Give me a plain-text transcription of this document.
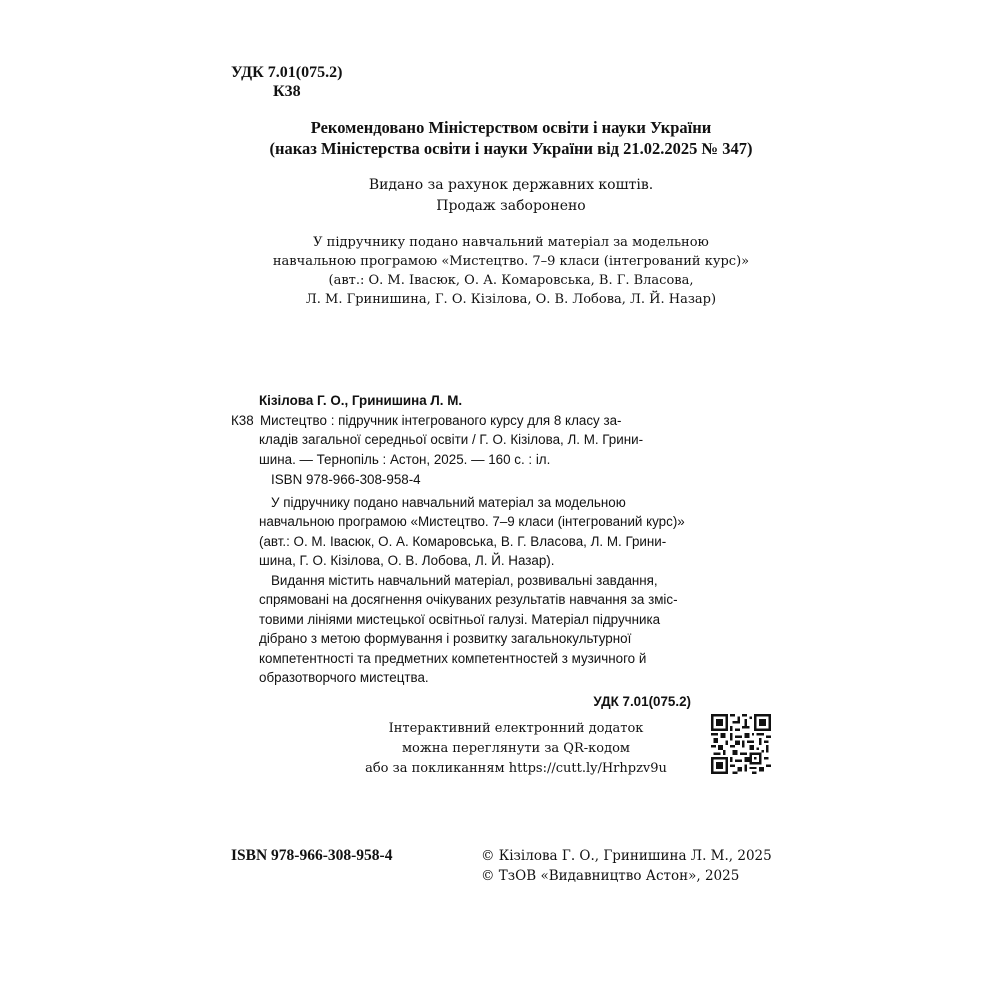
УДК 7.01(075.2)
К38
Рекомендовано Міністерством освіти і науки України
(наказ Міністерства освіти і науки України від 21.02.2025 № 347)
Видано за рахунок державних коштів.
Продаж заборонено
У підручнику подано навчальний матеріал за модельною
навчальною програмою «Мистецтво. 7–9 класи (інтегрований курс)»
(авт.: О. М. Івасюк, О. А. Комаровська, В. Г. Власова,
Л. М. Гринишина, Г. О. Кізілова, О. В. Лобова, Л. Й. Назар)
Кізілова Г. О., Гринишина Л. М.
К38 Мистецтво : підручник інтегрованого курсу для 8 класу за-
кладів загальної середньої освіти / Г. О. Кізілова, Л. М. Грини-
шина. — Тернопіль : Астон, 2025. — 160 с. : іл.
ISBN 978-966-308-958-4
У підручнику подано навчальний матеріал за модельною
навчальною програмою «Мистецтво. 7–9 класи (інтегрований курс)»
(авт.: О. М. Івасюк, О. А. Комаровська, В. Г. Власова, Л. М. Грини-
шина, Г. О. Кізілова, О. В. Лобова, Л. Й. Назар).
Видання містить навчальний матеріал, розвивальні завдання,
спрямовані на досягнення очікуваних результатів навчання за зміс-
товими лініями мистецької освітньої галузі. Матеріал підручника
дібрано з метою формування і розвитку загальнокультурної
компетентності та предметних компетентностей з музичного й
образотворчого мистецтва.
УДК 7.01(075.2)
Інтерактивний електронний додаток
можна переглянути за QR-кодом
або за покликанням https://cutt.ly/Hrhpzv9u
ISBN 978-966-308-958-4	© Кізілова Г. О., Гринишина Л. М., 2025
© ТзОВ «Видавництво Астон», 2025
